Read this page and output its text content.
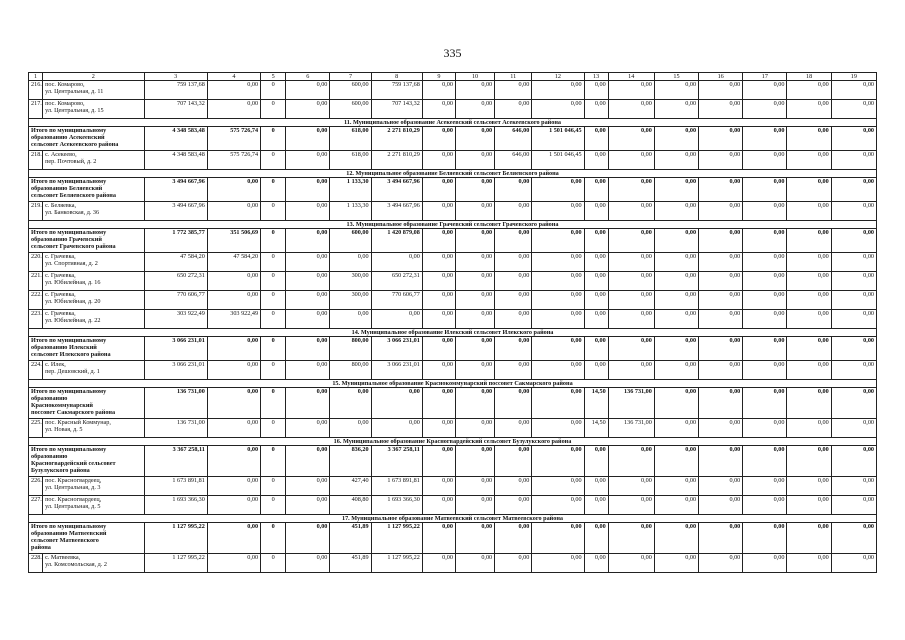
335
1	2	3	4	5	6	7	8	9	10	11	12	13	14	15	16	17	18	19
216.	пос. Комарово,
ул. Центральная, д. 11	759 137,68	0,00	0	0,00	600,00	759 137,68	0,00	0,00	0,00	0,00	0,00	0,00	0,00	0,00	0,00	0,00	0,00
217.	пос. Комарово,
ул. Центральная, д. 15	707 143,32	0,00	0	0,00	600,00	707 143,32	0,00	0,00	0,00	0,00	0,00	0,00	0,00	0,00	0,00	0,00	0,00
11. Муниципальное образование Асекеевский сельсовет Асекеевского района																		

Итого по муниципальному
образованию Асекеевский
сельсовет Асекеевского района		4 348 583,48	575 726,74	0	0,00	618,00	2 271 810,29	0,00	0,00	646,00	1 501 046,45	0,00	0,00	0,00	0,00	0,00	0,00	0,00
218.	с. Асекеево,
пер. Почтовый, д. 2	4 348 583,48	575 726,74	0	0,00	618,00	2 271 810,29	0,00	0,00	646,00	1 501 046,45	0,00	0,00	0,00	0,00	0,00	0,00	0,00
12. Муниципальное образование Беляевский сельсовет Беляевского района																		

Итого по муниципальному
образованию Беляевский
сельсовет Беляевского района		3 494 667,96	0,00	0	0,00	1 133,30	3 494 667,96	0,00	0,00	0,00	0,00	0,00	0,00	0,00	0,00	0,00	0,00	0,00
219.	с. Беляевка,
ул. Банковская, д. 36	3 494 667,96	0,00	0	0,00	1 133,30	3 494 667,96	0,00	0,00	0,00	0,00	0,00	0,00	0,00	0,00	0,00	0,00	0,00
13. Муниципальное образование Грачевский сельсовет Грачевского района																		

Итого по муниципальному
образованию Грачевский
сельсовет Грачевского района		1 772 385,77	351 506,69	0	0,00	600,00	1 420 879,08	0,00	0,00	0,00	0,00	0,00	0,00	0,00	0,00	0,00	0,00	0,00
220.	с. Грачевка,
ул. Спортивная, д. 2	47 584,20	47 584,20	0	0,00	0,00	0,00	0,00	0,00	0,00	0,00	0,00	0,00	0,00	0,00	0,00	0,00	0,00
221.	с. Грачевка,
ул. Юбилейная, д. 16	650 272,31	0,00	0	0,00	300,00	650 272,31	0,00	0,00	0,00	0,00	0,00	0,00	0,00	0,00	0,00	0,00	0,00
222.	с. Грачевка,
ул. Юбилейная, д. 20	770 606,77	0,00	0	0,00	300,00	770 606,77	0,00	0,00	0,00	0,00	0,00	0,00	0,00	0,00	0,00	0,00	0,00
223.	с. Грачевка,
ул. Юбилейная, д. 22	303 922,49	303 922,49	0	0,00	0,00	0,00	0,00	0,00	0,00	0,00	0,00	0,00	0,00	0,00	0,00	0,00	0,00
14. Муниципальное образование Илекский сельсовет Илекского района																		

Итого по муниципальному
образованию Илекский
сельсовет Илекского района		3 066 231,01	0,00	0	0,00	800,00	3 066 231,01	0,00	0,00	0,00	0,00	0,00	0,00	0,00	0,00	0,00	0,00	0,00
224.	с. Илек,
пер. Дешовский, д. 1	3 066 231,01	0,00	0	0,00	800,00	3 066 231,01	0,00	0,00	0,00	0,00	0,00	0,00	0,00	0,00	0,00	0,00	0,00
15. Муниципальное образование Краснокоммунарский поссовет Сакмарского района																		

Итого по муниципальному
образованию
Краснокоммунарский
поссовет Сакмарского района		136 731,00	0,00	0	0,00	0,00	0,00	0,00	0,00	0,00	0,00	14,50	136 731,00	0,00	0,00	0,00	0,00	0,00
225.	пос. Красный Коммунар,
ул. Новая, д. 5	136 731,00	0,00	0	0,00	0,00	0,00	0,00	0,00	0,00	0,00	14,50	136 731,00	0,00	0,00	0,00	0,00	0,00
16. Муниципальное образование Красногвардейский сельсовет Бузулукского района																		

Итого по муниципальному
образованию
Красногвардейский сельсовет
Бузулукского района		3 367 258,11	0,00	0	0,00	836,20	3 367 258,11	0,00	0,00	0,00	0,00	0,00	0,00	0,00	0,00	0,00	0,00	0,00
226.	пос. Красногвардеец,
ул. Центральная, д. 3	1 673 891,81	0,00	0	0,00	427,40	1 673 891,81	0,00	0,00	0,00	0,00	0,00	0,00	0,00	0,00	0,00	0,00	0,00
227.	пос. Красногвардеец,
ул. Центральная, д. 5	1 693 366,30	0,00	0	0,00	408,80	1 693 366,30	0,00	0,00	0,00	0,00	0,00	0,00	0,00	0,00	0,00	0,00	0,00
17. Муниципальное образование Матвеевский сельсовет Матвеевского района																		

Итого по муниципальному
образованию Матвеевский
сельсовет Матвеевского
района		1 127 995,22	0,00	0	0,00	451,89	1 127 995,22	0,00	0,00	0,00	0,00	0,00	0,00	0,00	0,00	0,00	0,00	0,00
228.	с. Матвеевка,
ул. Комсомольская, д. 2	1 127 995,22	0,00	0	0,00	451,89	1 127 995,22	0,00	0,00	0,00	0,00	0,00	0,00	0,00	0,00	0,00	0,00	0,00
